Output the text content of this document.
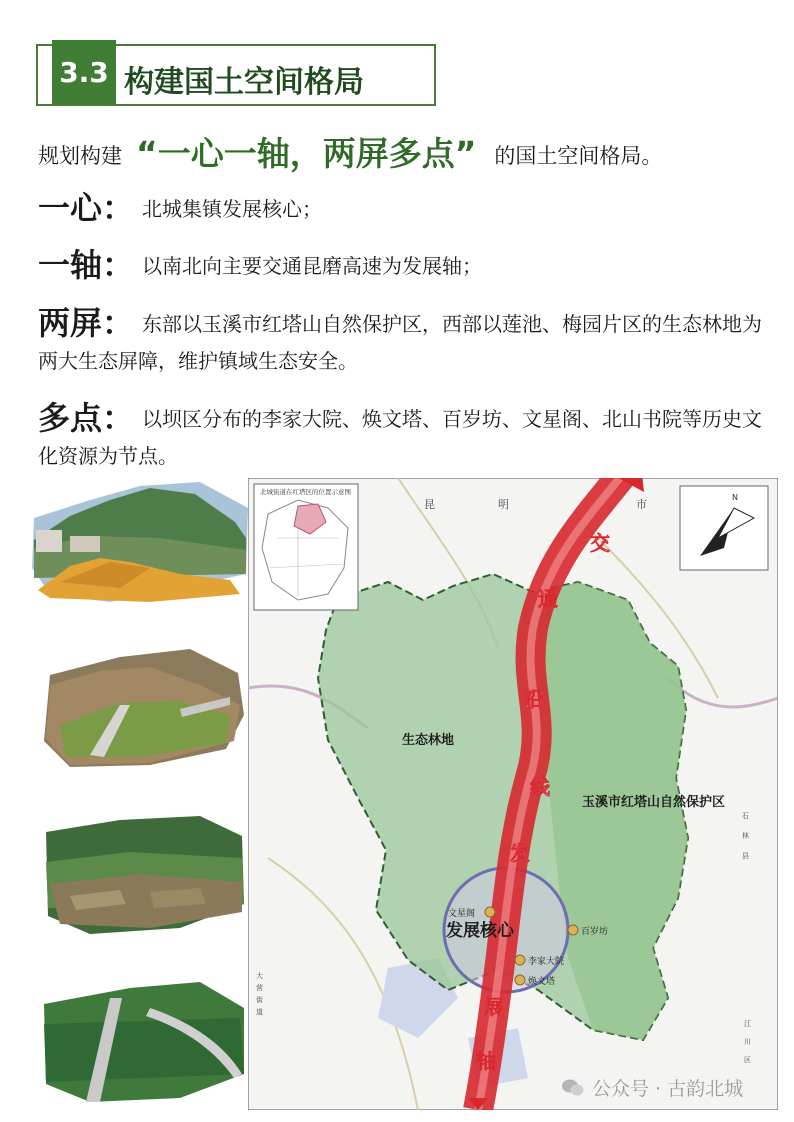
3.3 构建国土空间格局
规划构建 “一心一轴，两屏多点” 的国土空间格局。
一心： 北城集镇发展核心；
一轴： 以南北向主要交通昆磨高速为发展轴；
两屏： 东部以玉溪市红塔山自然保护区，西部以莲池、梅园片区的生态林地为两大生态屏障，维护镇域生态安全。
多点： 以坝区分布的李家大院、焕文塔、百岁坊、文星阁、北山书院等历史文化资源为节点。
北城街道在红塔区的位置示意图
N
昆	明	市
交
通
沿
线
发
展
轴
生态林地
玉溪市红塔山自然保护区
发展核心
文星阁
李家大院
焕文塔
百岁坊
石
林
县
江
川
区
大
营
街
道
公众号 · 古韵北城
